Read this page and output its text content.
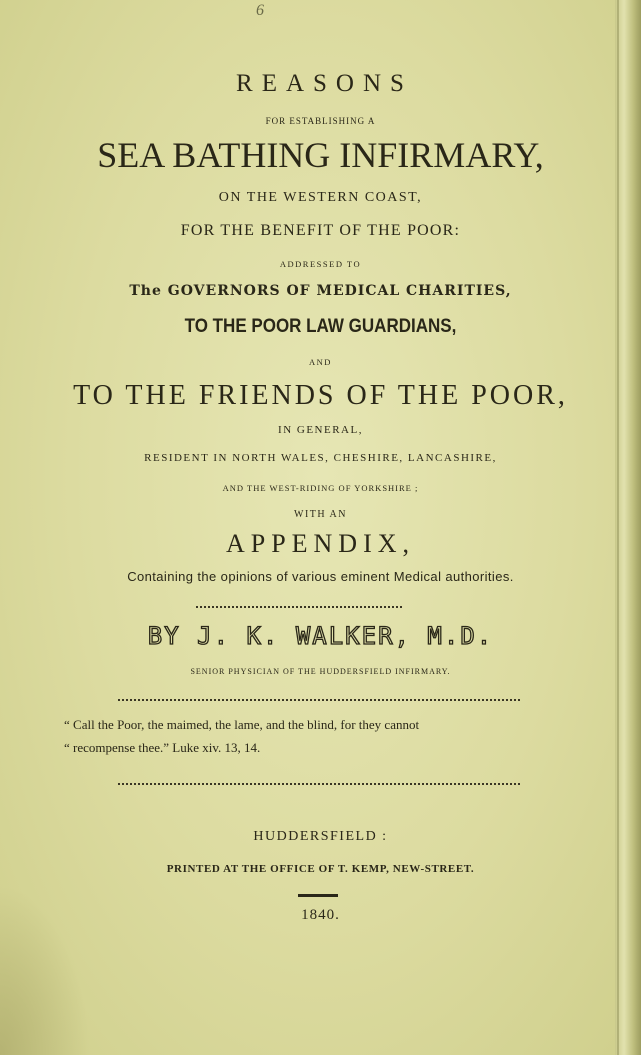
6
REASONS
FOR ESTABLISHING A
SEA BATHING INFIRMARY,
ON THE WESTERN COAST,
FOR THE BENEFIT OF THE POOR:
ADDRESSED TO
The GOVERNORS OF MEDICAL CHARITIES,
TO THE POOR LAW GUARDIANS,
AND
TO THE FRIENDS OF THE POOR,
IN GENERAL,
RESIDENT IN NORTH WALES, CHESHIRE, LANCASHIRE,
AND THE WEST-RIDING OF YORKSHIRE ;
WITH AN
APPENDIX,
Containing the opinions of various eminent Medical authorities.
BY J. K. WALKER, M.D.
SENIOR PHYSICIAN OF THE HUDDERSFIELD INFIRMARY.
“ Call the Poor, the maimed, the lame, and the blind, for they cannot
“ recompense thee.” Luke xiv. 13, 14.
HUDDERSFIELD :
PRINTED AT THE OFFICE OF T. KEMP, NEW-STREET.
1840.
